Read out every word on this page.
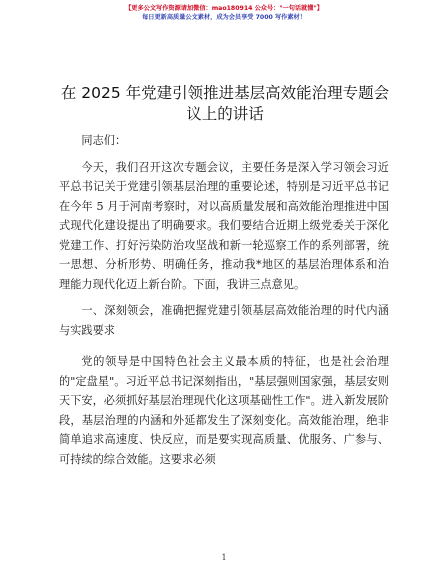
【更多公文写作资源请加微信：mao180914 公众号："一句话就懂"】
每日更新高质量公文素材，成为会员享受 7000 写作素材！
在 2025 年党建引领推进基层高效能治理专题会议上的讲话

同志们：

今天，我们召开这次专题会议，主要任务是深入学习领会习近平总书记关于党建引领基层治理的重要论述，特别是习近平总书记在今年 5 月于河南考察时，对以高质量发展和高效能治理推进中国式现代化建设提出了明确要求。我们要结合近期上级党委关于深化党建工作、打好污染防治攻坚战和新一轮巡察工作的系列部署，统一思想、分析形势、明确任务，推动我*地区的基层治理体系和治理能力现代化迈上新台阶。下面，我讲三点意见。

一、深刻领会，准确把握党建引领基层高效能治理的时代内涵与实践要求

党的领导是中国特色社会主义最本质的特征，也是社会治理的"定盘星"。习近平总书记深刻指出，"基层强则国家强，基层安则天下安，必须抓好基层治理现代化这项基础性工作"。进入新发展阶段，基层治理的内涵和外延都发生了深刻变化。高效能治理，绝非简单追求高速度、快反应，而是要实现高质量、优服务、广参与、可持续的综合效能。这要求必须

1
